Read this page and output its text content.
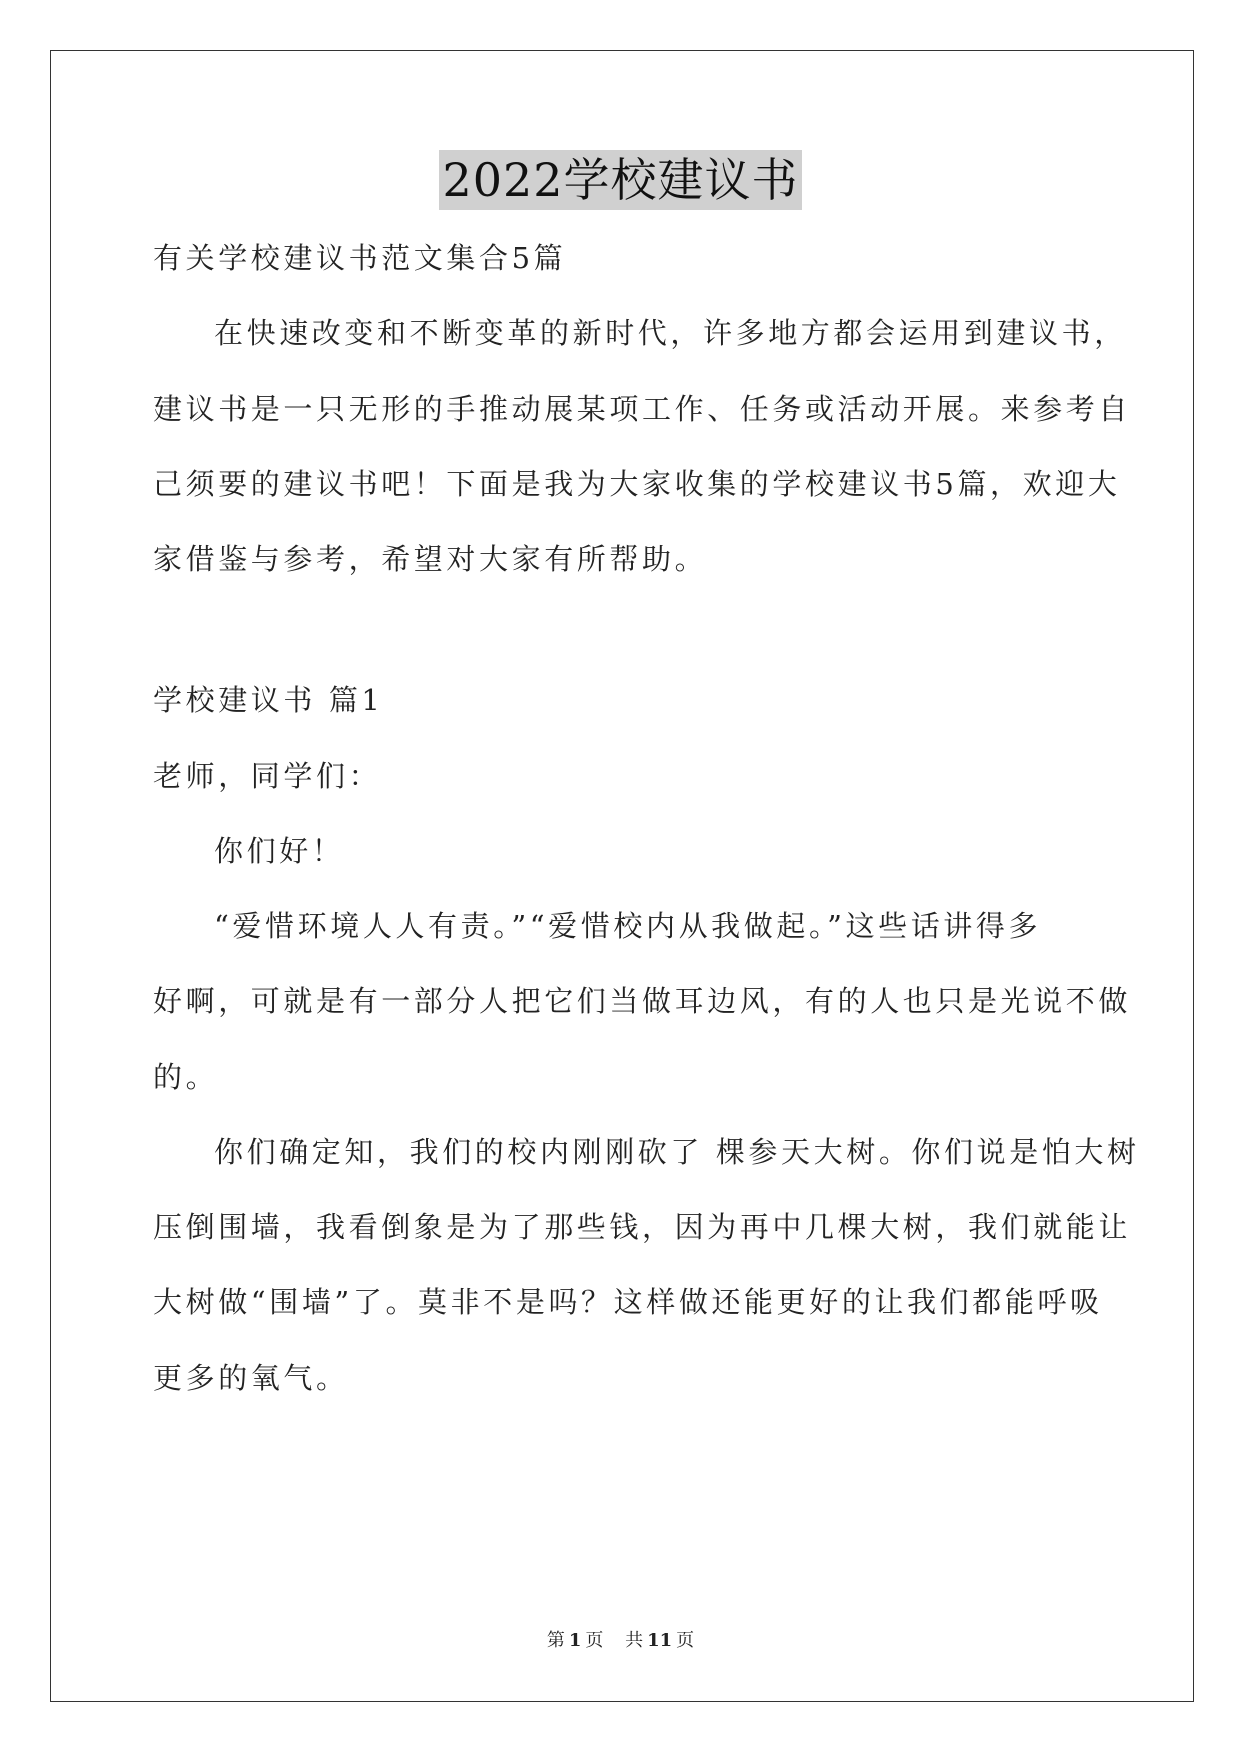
2022学校建议书
有关学校建议书范文集合5篇
在快速改变和不断变革的新时代，许多地方都会运用到建议书，
建议书是一只无形的手推动展某项工作、任务或活动开展。来参考自
己须要的建议书吧！下面是我为大家收集的学校建议书5篇，欢迎大
家借鉴与参考，希望对大家有所帮助。
学校建议书 篇1
老师，同学们：
你们好！
“爱惜环境人人有责。”“爱惜校内从我做起。”这些话讲得多
好啊，可就是有一部分人把它们当做耳边风，有的人也只是光说不做
的。
你们确定知，我们的校内刚刚砍了 棵参天大树。你们说是怕大树
压倒围墙，我看倒象是为了那些钱，因为再中几棵大树，我们就能让
大树做“围墙”了。莫非不是吗？这样做还能更好的让我们都能呼吸
更多的氧气。
第 1 页 共 11 页
